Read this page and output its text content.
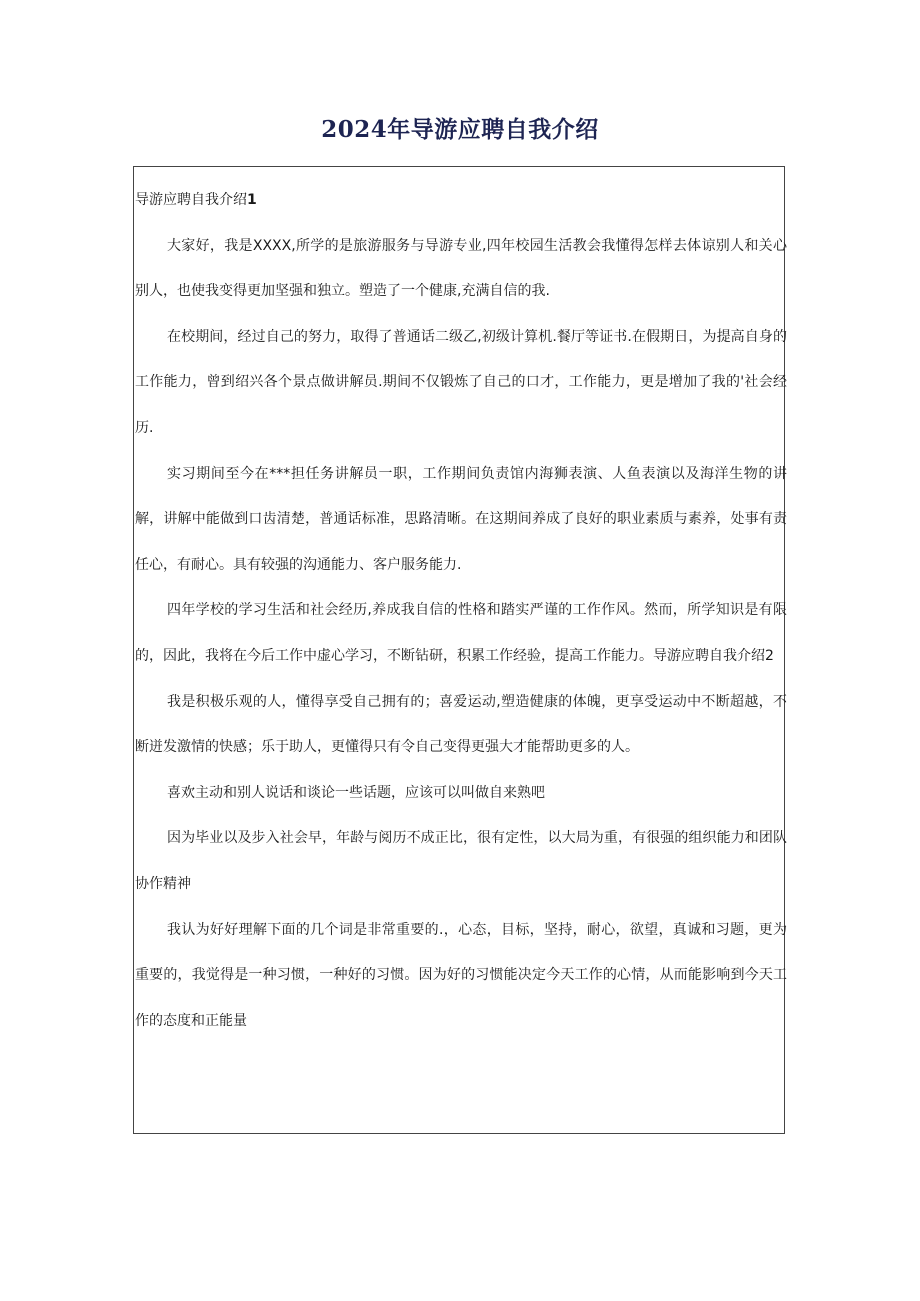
2024年导游应聘自我介绍

导游应聘自我介绍1

大家好，我是XXXX,所学的是旅游服务与导游专业,四年校园生活教会我懂得怎样去体谅别人和关心别人，也使我变得更加坚强和独立。塑造了一个健康,充满自信的我.

在校期间，经过自己的努力，取得了普通话二级乙,初级计算机.餐厅等证书.在假期日，为提高自身的工作能力，曾到绍兴各个景点做讲解员.期间不仅锻炼了自己的口才，工作能力，更是增加了我的'社会经历.

实习期间至今在***担任务讲解员一职，工作期间负责馆内海狮表演、人鱼表演以及海洋生物的讲解，讲解中能做到口齿清楚，普通话标准，思路清晰。在这期间养成了良好的职业素质与素养，处事有责任心，有耐心。具有较强的沟通能力、客户服务能力.

四年学校的学习生活和社会经历,养成我自信的性格和踏实严谨的工作作风。然而，所学知识是有限的，因此，我将在今后工作中虚心学习，不断钻研，积累工作经验，提高工作能力。导游应聘自我介绍2

我是积极乐观的人，懂得享受自己拥有的；喜爱运动,塑造健康的体魄，更享受运动中不断超越，不断迸发激情的快感；乐于助人，更懂得只有令自己变得更强大才能帮助更多的人。

喜欢主动和别人说话和谈论一些话题，应该可以叫做自来熟吧

因为毕业以及步入社会早，年龄与阅历不成正比，很有定性，以大局为重，有很强的组织能力和团队协作精神

我认为好好理解下面的几个词是非常重要的.，心态，目标，坚持，耐心，欲望，真诚和习题，更为重要的，我觉得是一种习惯，一种好的习惯。因为好的习惯能决定今天工作的心情，从而能影响到今天工作的态度和正能量
